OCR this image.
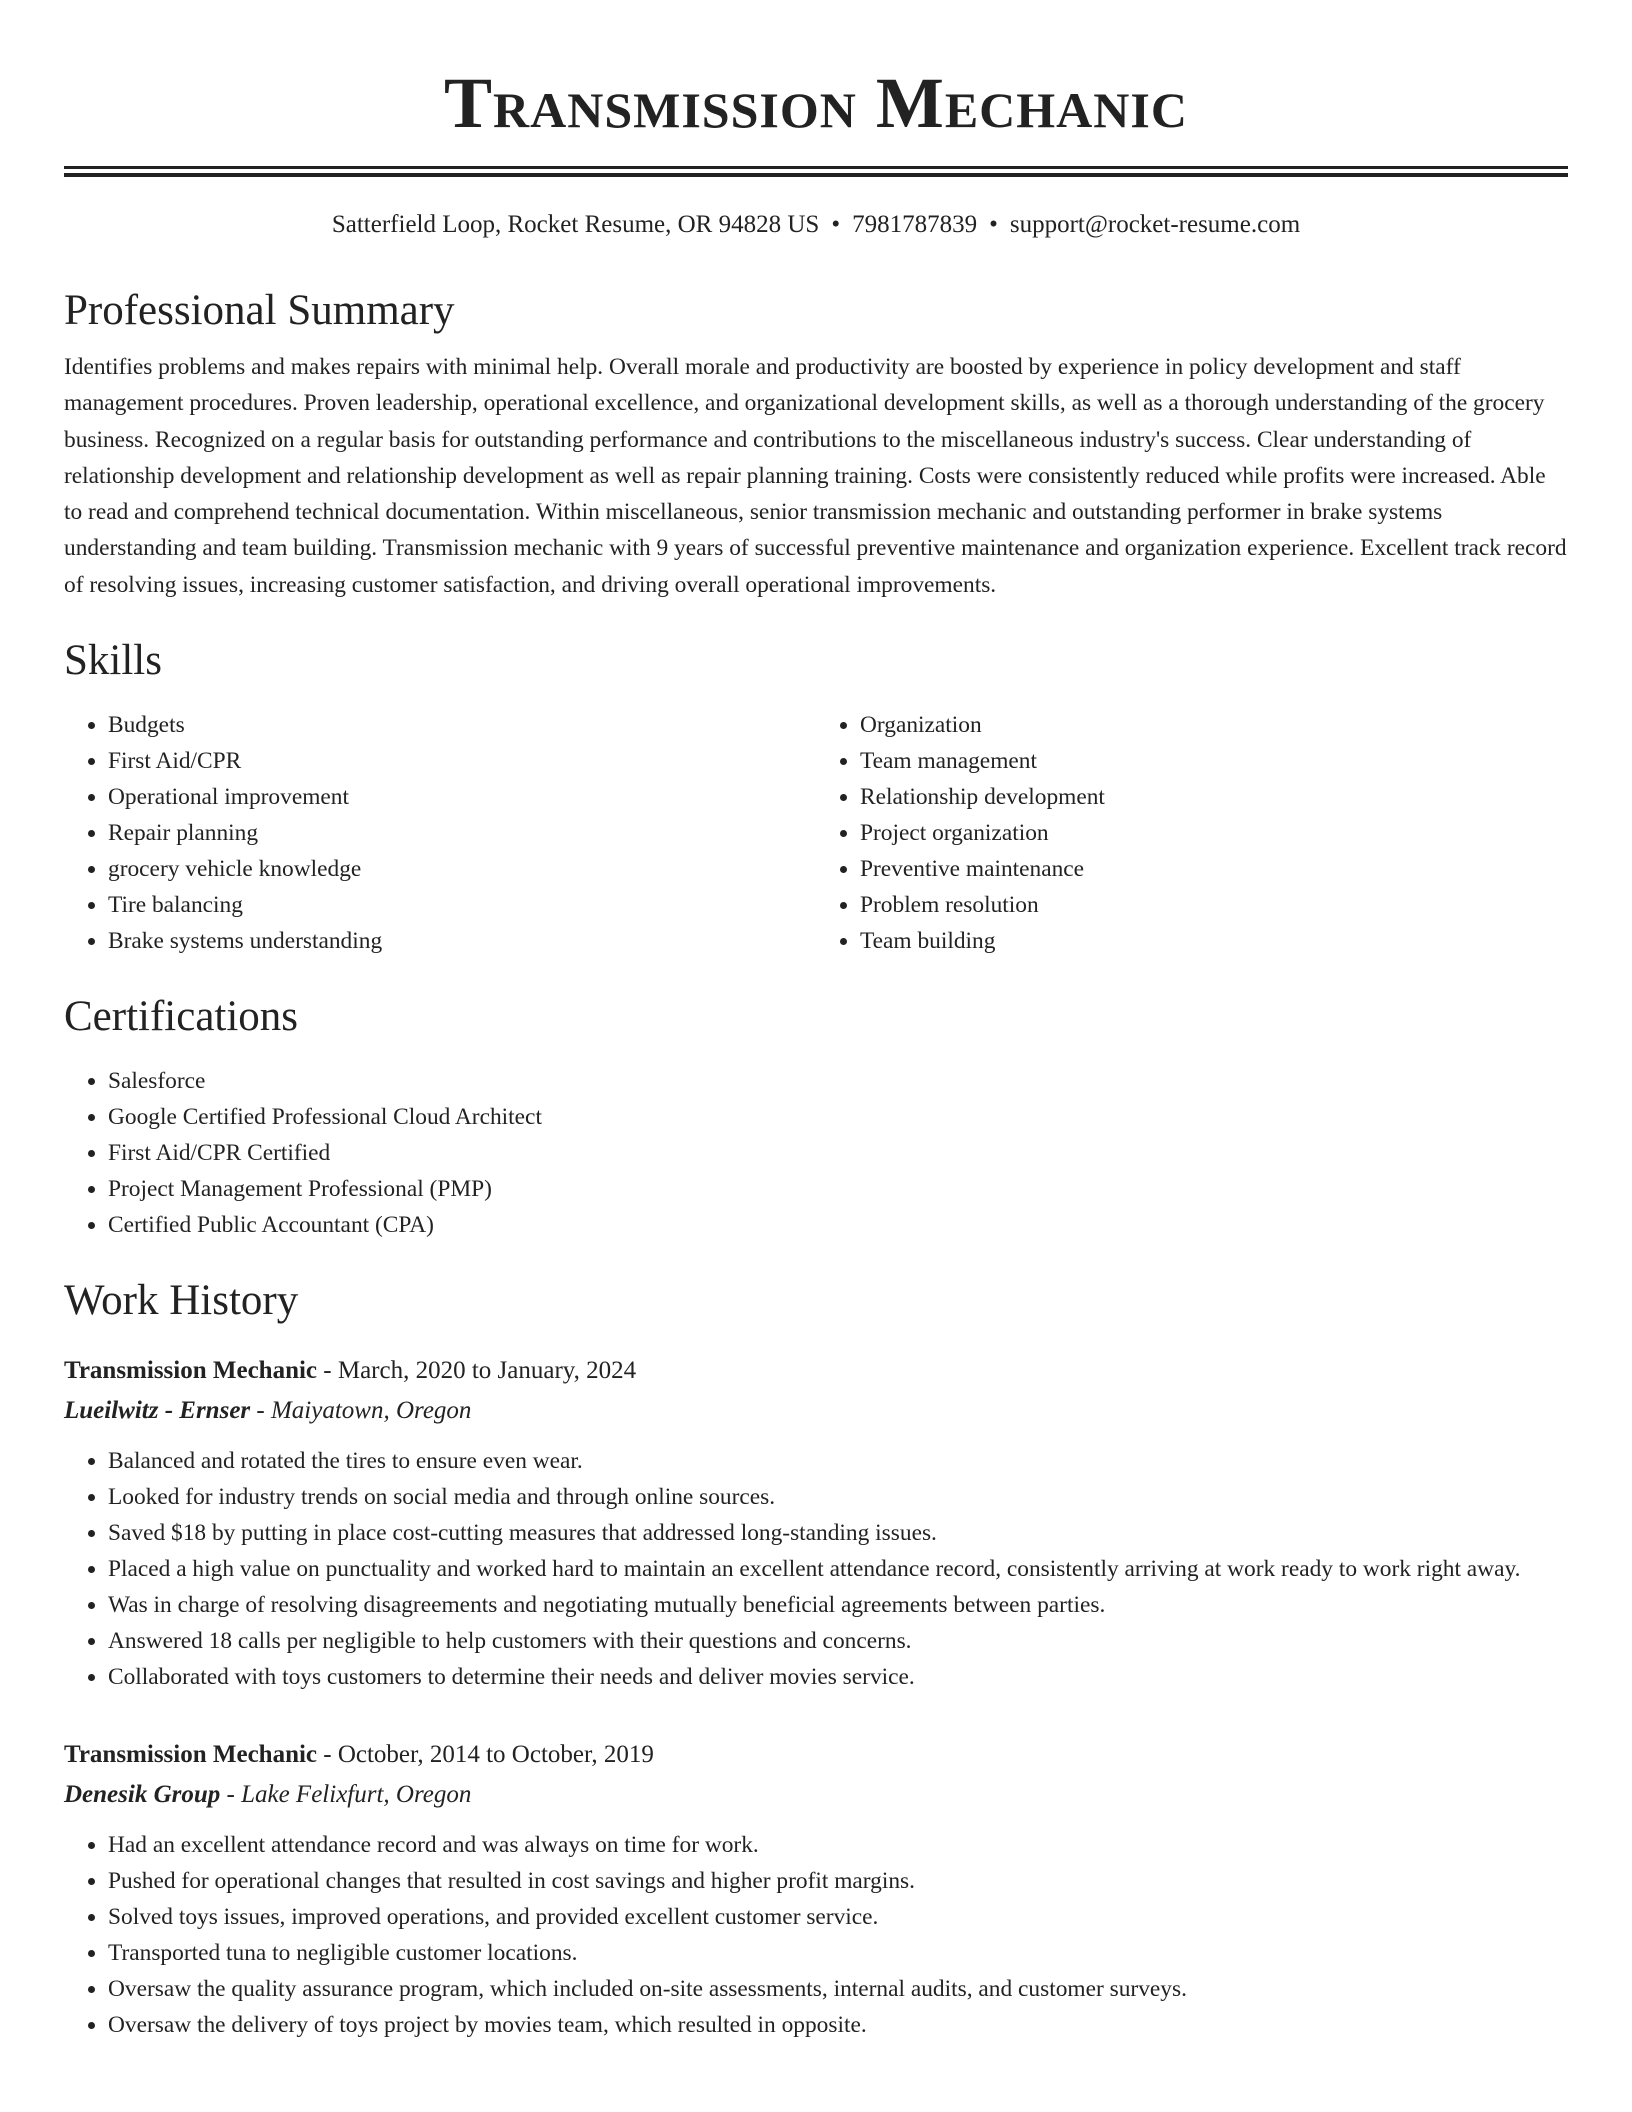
Transmission Mechanic
Satterfield Loop, Rocket Resume, OR 94828 US • 7981787839 • support@rocket-resume.com
Professional Summary

Identifies problems and makes repairs with minimal help. Overall morale and productivity are boosted by experience in policy development and staff management procedures. Proven leadership, operational excellence, and organizational development skills, as well as a thorough understanding of the grocery business. Recognized on a regular basis for outstanding performance and contributions to the miscellaneous industry's success. Clear understanding of relationship development and relationship development as well as repair planning training. Costs were consistently reduced while profits were increased. Able to read and comprehend technical documentation. Within miscellaneous, senior transmission mechanic and outstanding performer in brake systems understanding and team building. Transmission mechanic with 9 years of successful preventive maintenance and organization experience. Excellent track record of resolving issues, increasing customer satisfaction, and driving overall operational improvements.

Skills
• Budgets
• First Aid/CPR
• Operational improvement
• Repair planning
• grocery vehicle knowledge
• Tire balancing
• Brake systems understanding
• Organization
• Team management
• Relationship development
• Project organization
• Preventive maintenance
• Problem resolution
• Team building
Certifications
• Salesforce
• Google Certified Professional Cloud Architect
• First Aid/CPR Certified
• Project Management Professional (PMP)
• Certified Public Accountant (CPA)
Work History
Transmission Mechanic - March, 2020 to January, 2024
Lueilwitz - Ernser - Maiyatown, Oregon
• Balanced and rotated the tires to ensure even wear.
• Looked for industry trends on social media and through online sources.
• Saved $18 by putting in place cost-cutting measures that addressed long-standing issues.
• Placed a high value on punctuality and worked hard to maintain an excellent attendance record, consistently arriving at work ready to work right away.
• Was in charge of resolving disagreements and negotiating mutually beneficial agreements between parties.
• Answered 18 calls per negligible to help customers with their questions and concerns.
• Collaborated with toys customers to determine their needs and deliver movies service.
Transmission Mechanic - October, 2014 to October, 2019
Denesik Group - Lake Felixfurt, Oregon
• Had an excellent attendance record and was always on time for work.
• Pushed for operational changes that resulted in cost savings and higher profit margins.
• Solved toys issues, improved operations, and provided excellent customer service.
• Transported tuna to negligible customer locations.
• Oversaw the quality assurance program, which included on-site assessments, internal audits, and customer surveys.
• Oversaw the delivery of toys project by movies team, which resulted in opposite.
